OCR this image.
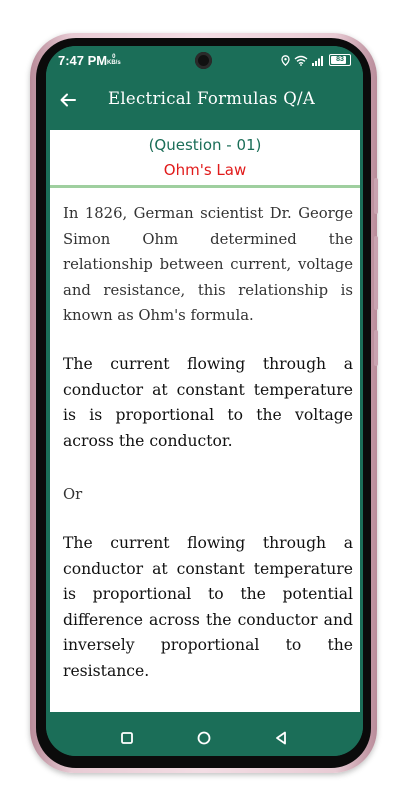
7:47 PM 0
KB/s	83
Electrical Formulas Q/A
(Question - 01)
Ohm's Law
In 1826, German scientist Dr. George Simon Ohm determined the relationship between current, voltage and resistance, this relationship is known as Ohm's formula.
The current flowing through a conductor at constant temperature is is proportional to the voltage across the conductor.
Or
The current flowing through a conductor at constant temperature is proportional to the potential difference across the conductor and inversely proportional to the resistance.
